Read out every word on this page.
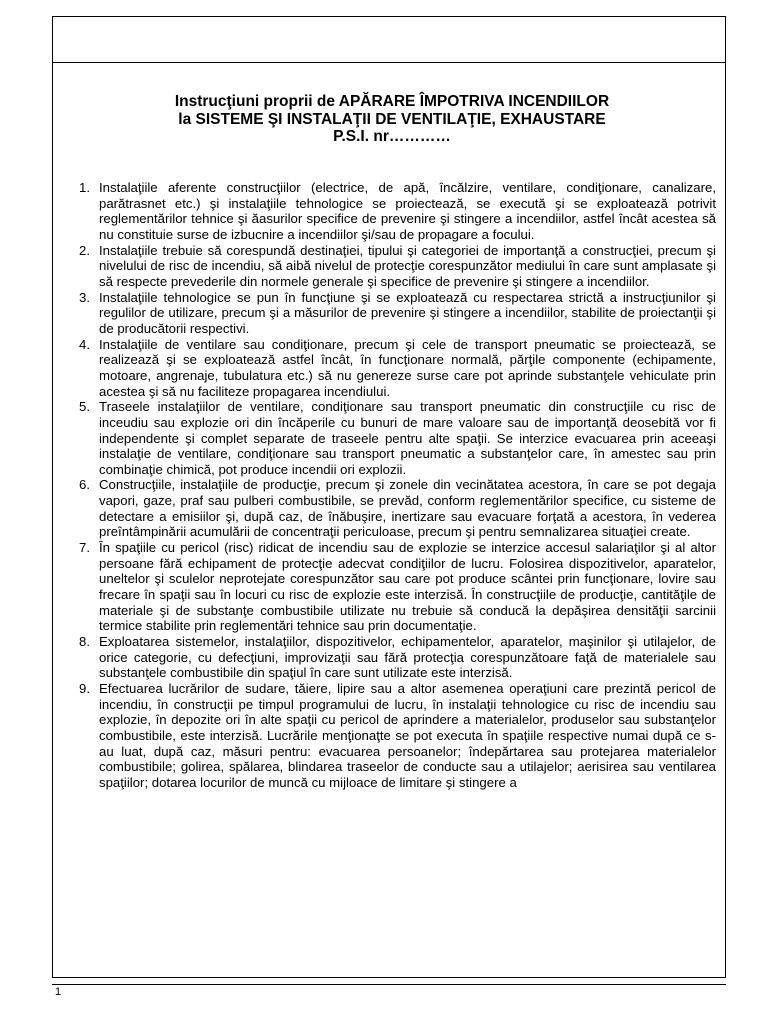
Instrucţiuni proprii de APĂRARE ÎMPOTRIVA INCENDIILOR
la SISTEME ŞI INSTALAŢII DE VENTILAŢIE, EXHAUSTARE
P.S.I. nr…………
1. Instalaţiile aferente construcţiilor (electrice, de apă, încălzire, ventilare, condiţionare, canalizare, parătrasnet etc.) şi instalaţiile tehnologice se proiectează, se execută şi se exploatează potrivit reglementărilor tehnice şi ăasurilor specifice de prevenire şi stingere a incendiilor, astfel încât acestea să nu constituie surse de izbucnire a incendiilor şi/sau de propagare a focului.
2. Instalaţiile trebuie să corespundă destinaţiei, tipului şi categoriei de importanţă a construcţiei, precum şi nivelului de risc de incendiu, să aibă nivelul de protecţie corespunzător mediului în care sunt amplasate şi să respecte prevederile din normele generale şi specifice de prevenire şi stingere a incendiilor.
3. Instalaţiile tehnologice se pun în funcţiune şi se exploatează cu respectarea strictă a instrucţiunilor şi regulilor de utilizare, precum şi a măsurilor de prevenire şi stingere a incendiilor, stabilite de proiectanţii şi de producătorii respectivi.
4. Instalaţiile de ventilare sau condiţionare, precum şi cele de transport pneumatic se proiectează, se realizează şi se exploatează astfel încât, în funcţionare normală, părţile componente (echipamente, motoare, angrenaje, tubulatura etc.) să nu genereze surse care pot aprinde substanţele vehiculate prin acestea şi să nu faciliteze propagarea incendiului.
5. Traseele instalaţiilor de ventilare, condiţionare sau transport pneumatic din construcţiile cu risc de inceudiu sau explozie ori din încăperile cu bunuri de mare valoare sau de importanţă deosebită vor fi independente şi complet separate de traseele pentru alte spaţii. Se interzice evacuarea prin aceeaşi instalaţie de ventilare, condiţionare sau transport pneumatic a substanţelor care, în amestec sau prin combinaţie chimică, pot produce incendii ori explozii.
6. Construcţiile, instalaţiile de producţie, precum şi zonele din vecinătatea acestora, în care se pot degaja vapori, gaze, praf sau pulberi combustibile, se prevăd, conform reglementărilor specifice, cu sisteme de detectare a emisiilor şi, după caz, de înăbuşire, inertizare sau evacuare forţată a acestora, în vederea preîntâmpinării acumulării de concentraţii periculoase, precum şi pentru semnalizarea situaţiei create.
7. În spaţiile cu pericol (risc) ridicat de incendiu sau de explozie se interzice accesul salariaţilor şi al altor persoane fără echipament de protecţie adecvat condiţiilor de lucru. Folosirea dispozitivelor, aparatelor, uneltelor şi sculelor neprotejate corespunzător sau care pot produce scântei prin funcţionare, lovire sau frecare în spaţii sau în locuri cu risc de explozie este interzisă. În construcţiile de producţie, cantităţile de materiale şi de substanţe combustibile utilizate nu trebuie să conducă la depăşirea densităţii sarcinii termice stabilite prin reglementări tehnice sau prin documentaţie.
8. Exploatarea sistemelor, instalaţiilor, dispozitivelor, echipamentelor, aparatelor, maşinilor şi utilajelor, de orice categorie, cu defecţiuni, improvizaţii sau fără protecţia corespunzătoare faţă de materialele sau substanţele combustibile din spaţiul în care sunt utilizate este interzisă.
9. Efectuarea lucrărilor de sudare, tăiere, lipire sau a altor asemenea operaţiuni care prezintă pericol de incendiu, în construcţii pe timpul programului de lucru, în instalaţii tehnologice cu risc de incendiu sau explozie, în depozite ori în alte spaţii cu pericol de aprindere a materialelor, produselor sau substanţelor combustibile, este interzisă. Lucrările menţionaţte se pot executa în spaţiile respective numai după ce s-au luat, după caz, măsuri pentru: evacuarea persoanelor; îndepărtarea sau protejarea materialelor combustibile; golirea, spălarea, blindarea traseelor de conducte sau a utilajelor; aerisirea sau ventilarea spaţiilor; dotarea locurilor de muncă cu mijloace de limitare şi stingere a
1
